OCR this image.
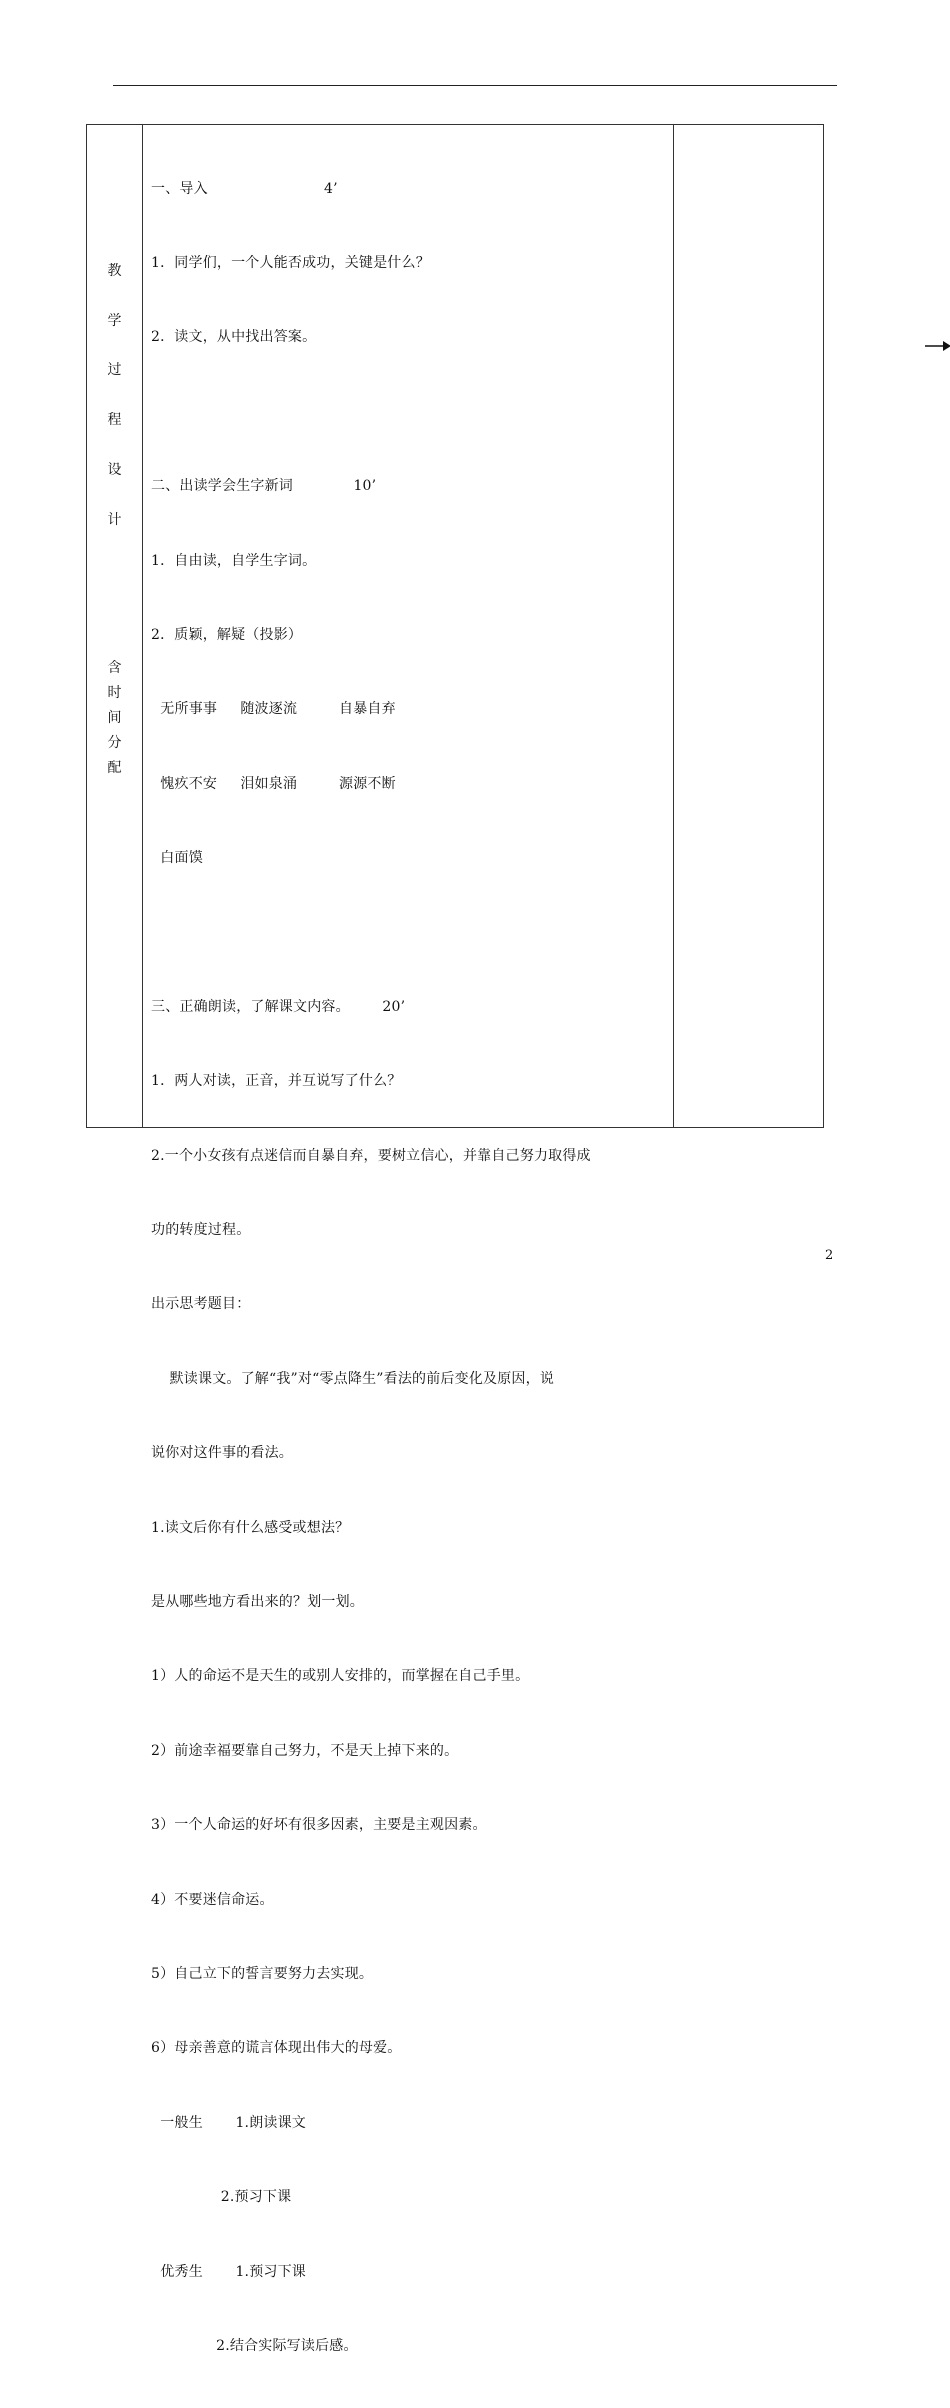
教
学
过
程
设
计
含
时
间
分
配

一、导入                         4’

1．同学们，一个人能否成功，关键是什么？

2．读文，从中找出答案。

二、出读学会生字新词             10’

1．自由读，自学生字词。

2．质颖，解疑（投影）

无所事事     随波逐流         自暴自弃

愧疚不安     泪如泉涌         源源不断

白面馍

三、正确朗读，了解课文内容。       20’

1．两人对读，正音，并互说写了什么？

2.一个小女孩有点迷信而自暴自弃，要树立信心，并靠自己努力取得成

功的转度过程。

出示思考题目：

默读课文。了解“我”对“零点降生”看法的前后变化及原因，说

说你对这件事的看法。

1.读文后你有什么感受或想法？

是从哪些地方看出来的？划一划。

1）人的命运不是天生的或别人安排的，而掌握在自己手里。

2）前途幸福要靠自己努力，不是天上掉下来的。

3）一个人命运的好坏有很多因素，主要是主观因素。

4）不要迷信命运。

5）自己立下的誓言要努力去实现。

6）母亲善意的谎言体现出伟大的母爱。

一般生       1.朗读课文

2.预习下课

优秀生       1.预习下课

2.结合实际写读后感。

2
